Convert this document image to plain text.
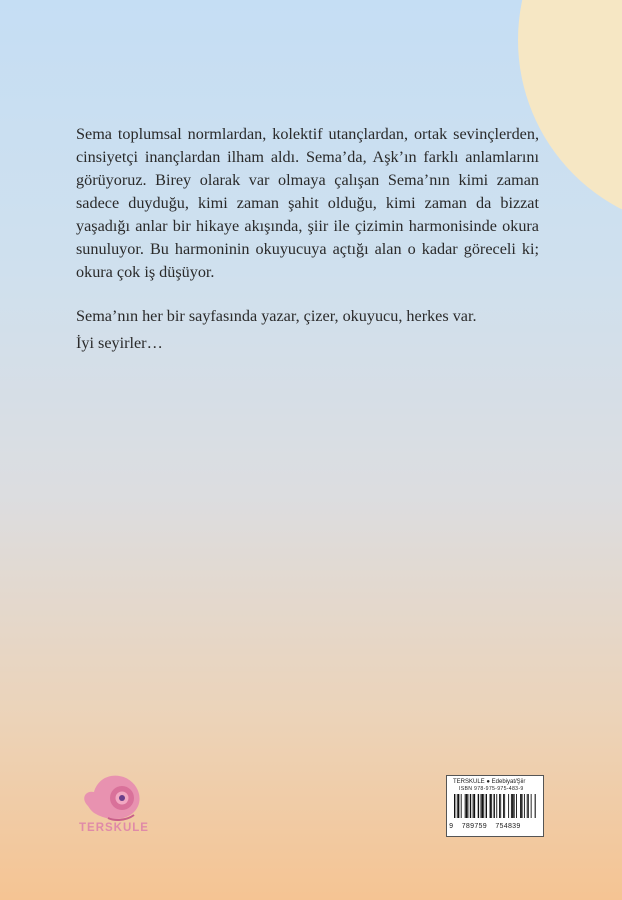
Sema toplumsal normlardan, kolektif utançlardan, ortak sevinçlerden, cinsiyetçi inançlardan ilham aldı. Sema’da, Aşk’ın farklı anlamlarını görüyoruz. Birey olarak var olmaya çalışan Sema’nın kimi zaman sadece duyduğu, kimi zaman şahit olduğu, kimi zaman da bizzat yaşadığı anlar bir hikaye akışında, şiir ile çizimin harmonisinde okura sunuluyor. Bu harmoninin okuyucuya açtığı alan o kadar göreceli ki; okura çok iş düşüyor.

Sema’nın her bir sayfasında yazar, çizer, okuyucu, herkes var.

İyi seyirler…

TERSKULE
TERSKULE ● Edebiyat/Şiir
ISBN 978-975-975-483-9
9 789759 754839
